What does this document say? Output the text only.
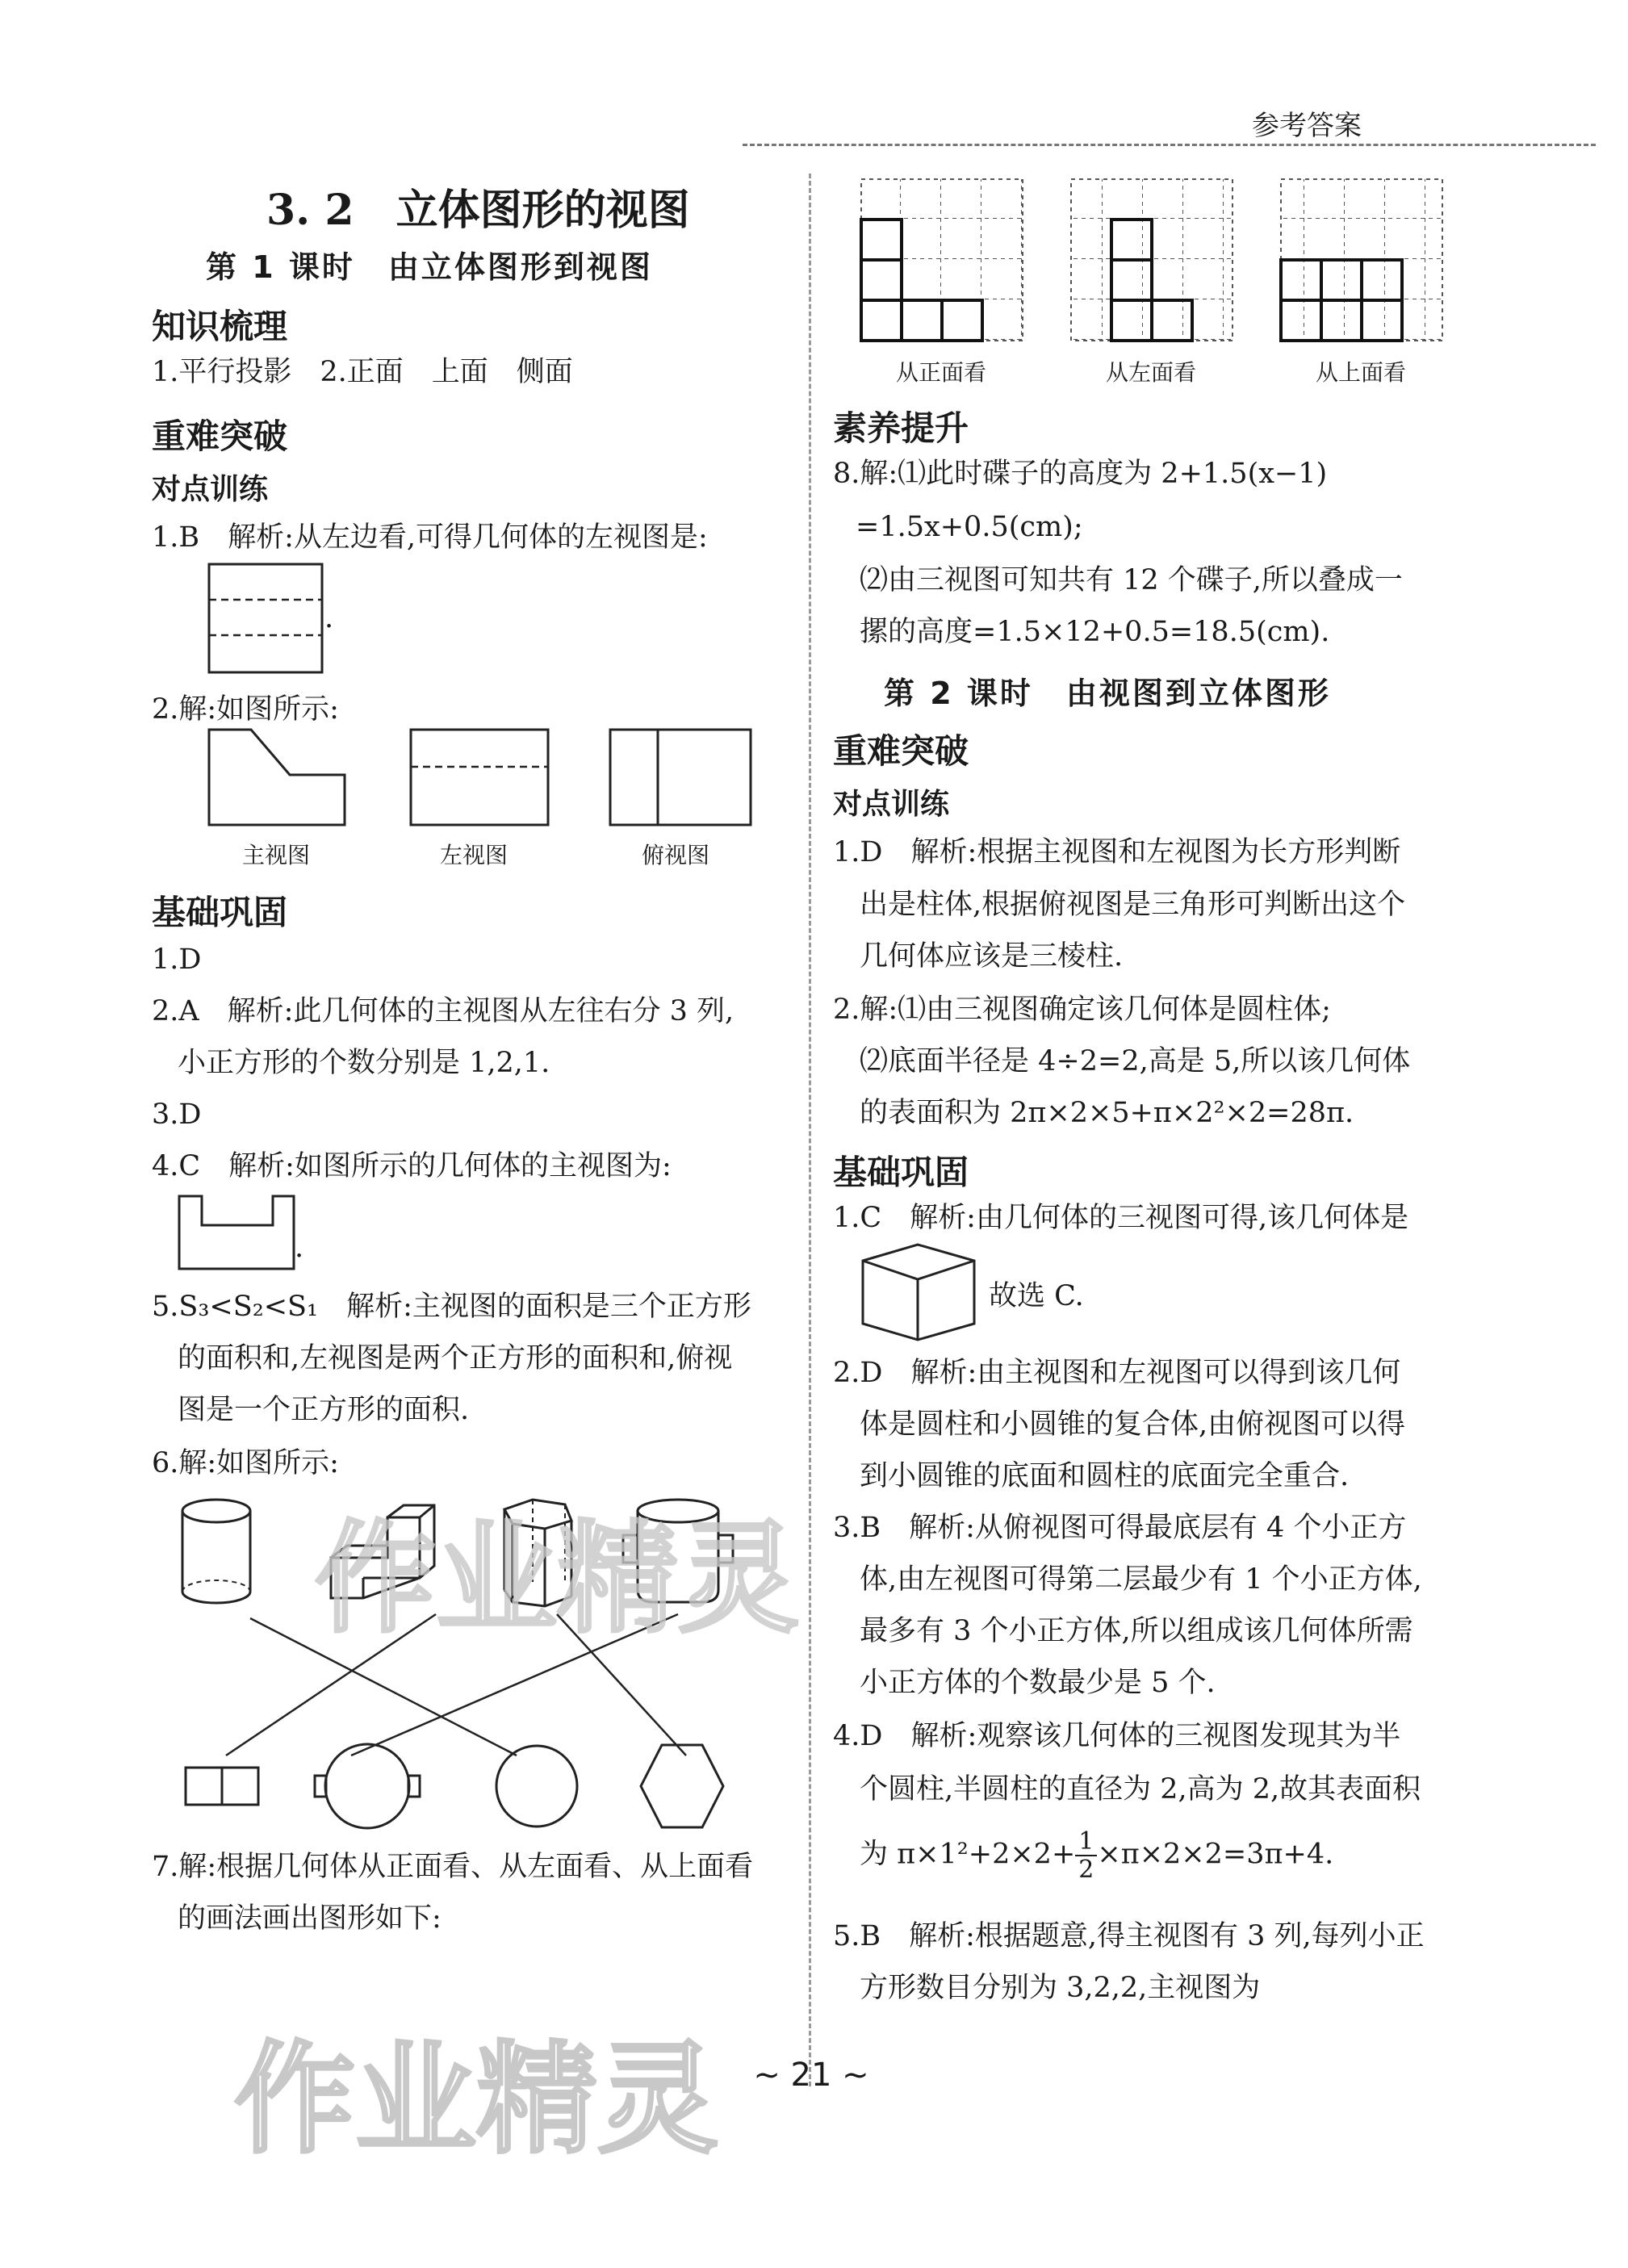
参考答案
3. 2　立体图形的视图
第 1 课时　由立体图形到视图
知识梳理
1.平行投影　2.正面　上面　侧面
重难突破
对点训练
1.B　解析:从左边看,可得几何体的左视图是:
.
2.解:如图所示:
主视图	左视图	俯视图
基础巩固
1.D
2.A　解析:此几何体的主视图从左往右分 3 列,
小正方形的个数分别是 1,2,1.
3.D
4.C　解析:如图所示的几何体的主视图为:
.
5.S₃<S₂<S₁　解析:主视图的面积是三个正方形
的面积和,左视图是两个正方形的面积和,俯视
图是一个正方形的面积.
6.解:如图所示:
7.解:根据几何体从正面看、从左面看、从上面看
的画法画出图形如下:
从正面看	从左面看	从上面看
素养提升
8.解:⑴此时碟子的高度为 2+1.5(x−1)
=1.5x+0.5(cm);
⑵由三视图可知共有 12 个碟子,所以叠成一
摞的高度=1.5×12+0.5=18.5(cm).
第 2 课时　由视图到立体图形
重难突破
对点训练
1.D　解析:根据主视图和左视图为长方形判断
出是柱体,根据俯视图是三角形可判断出这个
几何体应该是三棱柱.
2.解:⑴由三视图确定该几何体是圆柱体;
⑵底面半径是 4÷2=2,高是 5,所以该几何体
的表面积为 2π×2×5+π×2²×2=28π.
基础巩固
1.C　解析:由几何体的三视图可得,该几何体是
故选 C.
2.D　解析:由主视图和左视图可以得到该几何
体是圆柱和小圆锥的复合体,由俯视图可以得
到小圆锥的底面和圆柱的底面完全重合.
3.B　解析:从俯视图可得最底层有 4 个小正方
体,由左视图可得第二层最少有 1 个小正方体,
最多有 3 个小正方体,所以组成该几何体所需
小正方体的个数最少是 5 个.
4.D　解析:观察该几何体的三视图发现其为半
个圆柱,半圆柱的直径为 2,高为 2,故其表面积
为 $\pi\times 1^2+2\times 2+ \frac{1}{2} \times\pi\times 2\times 2=3\pi+4$.
5.B　解析:根据题意,得主视图有 3 列,每列小正
方形数目分别为 3,2,2,主视图为
作业精灵
作业精灵 ∼ 21 ∼
